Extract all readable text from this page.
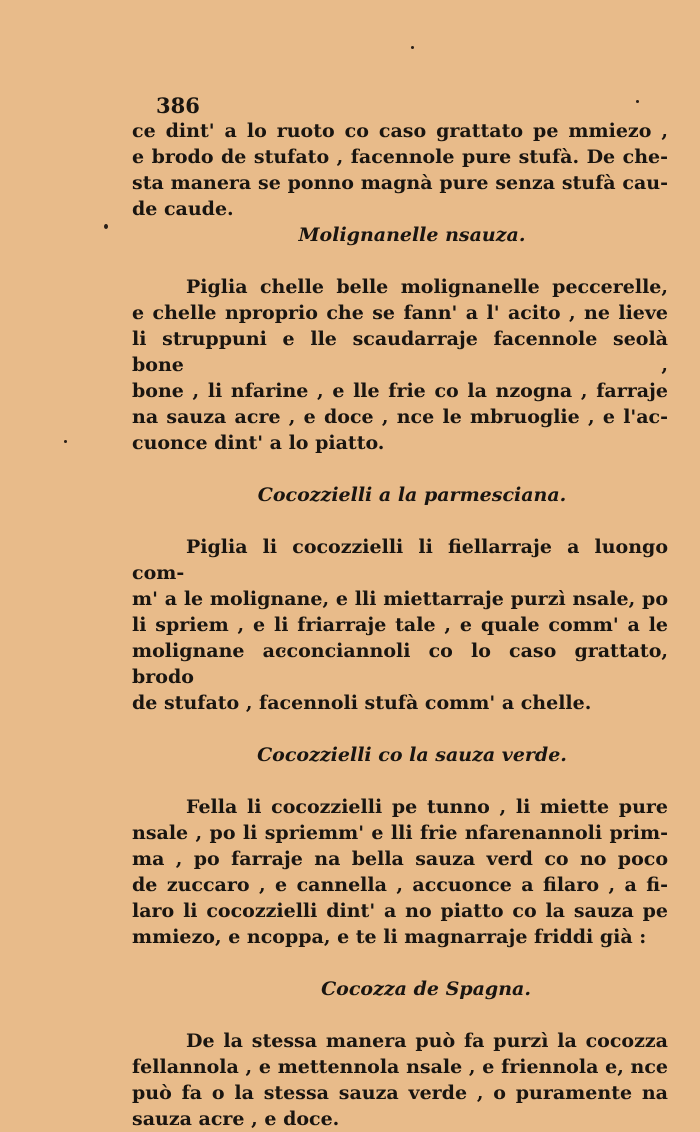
386

ce dint' a lo ruoto co caso grattato pe mmiezo ,

e brodo de stufato , facennole pure stufà. De che-

sta manera se ponno magnà pure senza stufà cau-

de caude.

Molignanelle nsauza.

Piglia chelle belle molignanelle peccerelle,

e chelle nproprio che se fann' a l' acito , ne lieve

li struppuni e lle scaudarraje facennole seolà bone ,

bone , li nfarine , e lle frie co la nzogna , farraje

na sauza acre , e doce , nce le mbruoglie , e l'ac-

cuonce dint' a lo piatto.

Cocozzielli a la parmesciana.

Piglia li cocozzielli li fiellarraje a luongo com-

m' a le molignane, e lli miettarraje purzì nsale, po

li spriem , e li friarraje tale , e quale comm' a le

molignane acconciannoli co lo caso grattato, brodo

de stufato , facennoli stufà comm' a chelle.

Cocozzielli co la sauza verde.

Fella li cocozzielli pe tunno , li miette pure

nsale , po li spriemm' e lli frie nfarenannoli prim-

ma , po farraje na bella sauza verd co no poco

de zuccaro , e cannella , accuonce a filaro , a fi-

laro li cocozzielli dint' a no piatto co la sauza pe

mmiezo, e ncoppa, e te li magnarraje friddi già :

Cocozza de Spagna.

De la stessa manera può fa purzì la cocozza

fellannola , e mettennola nsale , e friennola e, nce

può fa o la stessa sauza verde , o puramente na

sauza acre , e doce.
